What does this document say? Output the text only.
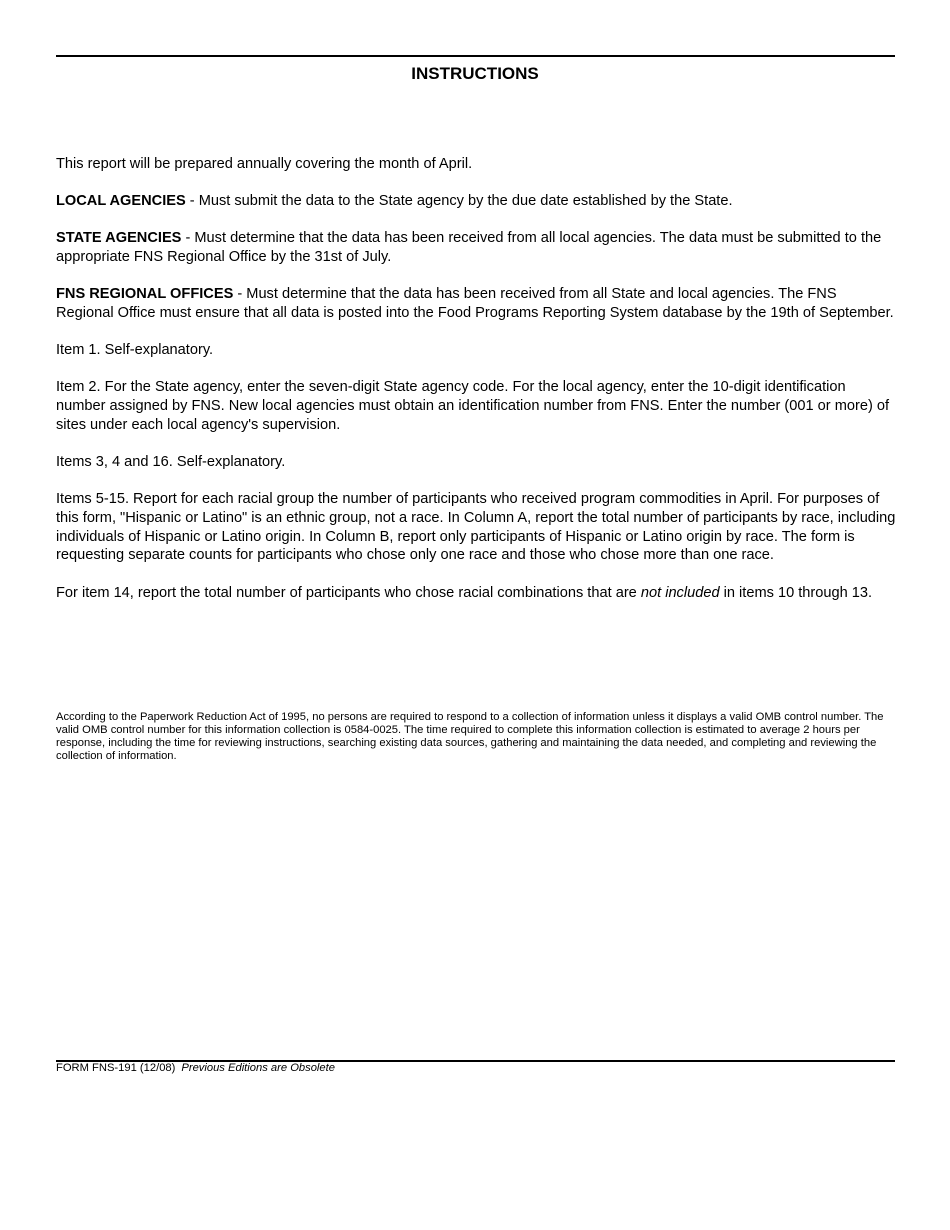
INSTRUCTIONS

This report will be prepared annually covering the month of April.

LOCAL AGENCIES - Must submit the data to the State agency by the due date established by the State.

STATE AGENCIES - Must determine that the data has been received from all local agencies. The data must be submitted to the appropriate FNS Regional Office by the 31st of July.

FNS REGIONAL OFFICES - Must determine that the data has been received from all State and local agencies. The FNS Regional Office must ensure that all data is posted into the Food Programs Reporting System database by the 19th of September.

Item 1. Self-explanatory.

Item 2. For the State agency, enter the seven-digit State agency code. For the local agency, enter the 10-digit identification number assigned by FNS. New local agencies must obtain an identification number from FNS. Enter the number (001 or more) of sites under each local agency's supervision.

Items 3, 4 and 16. Self-explanatory.

Items 5-15. Report for each racial group the number of participants who received program commodities in April. For purposes of this form, "Hispanic or Latino" is an ethnic group, not a race. In Column A, report the total number of participants by race, including individuals of Hispanic or Latino origin. In Column B, report only participants of Hispanic or Latino origin by race. The form is requesting separate counts for participants who chose only one race and those who chose more than one race.

For item 14, report the total number of participants who chose racial combinations that are not included in items 10 through 13.

According to the Paperwork Reduction Act of 1995, no persons are required to respond to a collection of information unless it displays a valid OMB control number. The valid OMB control number for this information collection is 0584-0025. The time required to complete this information collection is estimated to average 2 hours per response, including the time for reviewing instructions, searching existing data sources, gathering and maintaining the data needed, and completing and reviewing the collection of information.
FORM FNS-191 (12/08) Previous Editions are Obsolete
